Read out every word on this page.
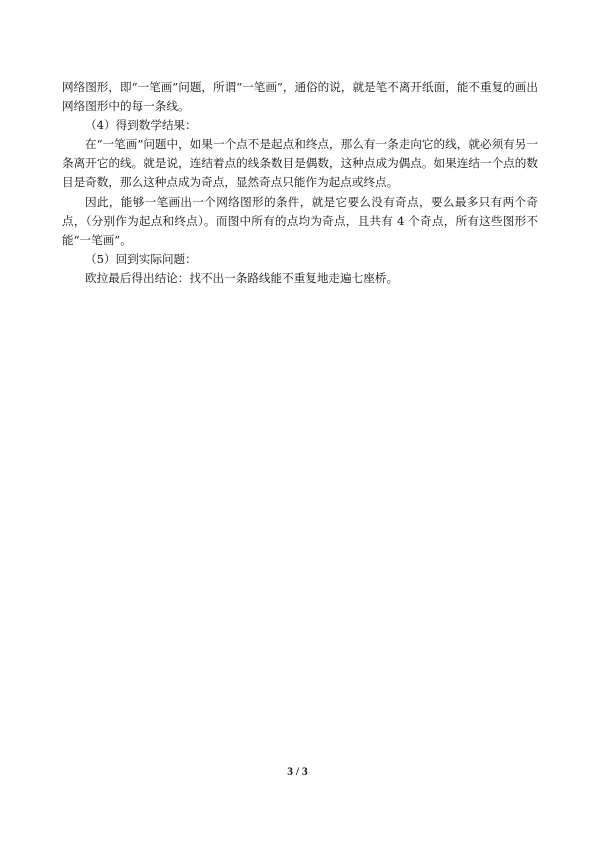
网络图形，即“一笔画”问题，所谓“一笔画”，通俗的说，就是笔不离开纸面，能不重复的画出网络图形中的每一条线。

（4）得到数学结果：

在“一笔画”问题中，如果一个点不是起点和终点，那么有一条走向它的线，就必须有另一条离开它的线。就是说，连结着点的线条数目是偶数，这种点成为偶点。如果连结一个点的数目是奇数，那么这种点成为奇点，显然奇点只能作为起点或终点。

因此，能够一笔画出一个网络图形的条件，就是它要么没有奇点，要么最多只有两个奇点，（分别作为起点和终点）。而图中所有的点均为奇点，且共有 4 个奇点，所有这些图形不能“一笔画”。

（5）回到实际问题：

欧拉最后得出结论：找不出一条路线能不重复地走遍七座桥。

3 / 3
